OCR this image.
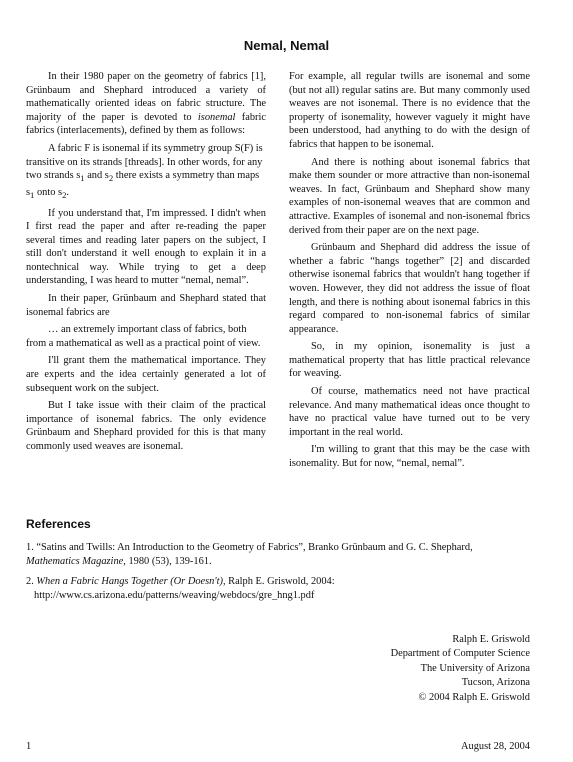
Nemal, Nemal

In their 1980 paper on the geometry of fabrics [1], Grünbaum and Shephard introduced a variety of mathematically oriented ideas on fabric structure. The majority of the paper is devoted to isonemal fabric fabrics (interlacements), defined by them as follows:

A fabric F is isonemal if its symmetry group S(F) is transitive on its strands [threads]. In other words, for any two strands $s_1$ and $s_2$ there exists a symmetry than maps $s_1$ onto $s_2$.

If you understand that, I'm impressed. I didn't when I first read the paper and after re-reading the paper several times and reading later papers on the subject, I still don't understand it well enough to explain it in a nontechnical way. While trying to get a deep understanding, I was heard to mutter “nemal, nemal”.

In their paper, Grünbaum and Shephard stated that isonemal fabrics are

… an extremely important class of fabrics, both from a mathematical as well as a practical point of view.

I'll grant them the mathematical importance. They are experts and the idea certainly generated a lot of subsequent work on the subject.

But I take issue with their claim of the practical importance of isonemal fabrics. The only evidence Grünbaum and Shephard provided for this is that many commonly used weaves are isonemal.

For example, all regular twills are isonemal and some (but not all) regular satins are. But many commonly used weaves are not isonemal. There is no evidence that the property of isonemality, however vaguely it might have been understood, had anything to do with the design of fabrics that happen to be isonemal.

And there is nothing about isonemal fabrics that make them sounder or more attractive than non-isonemal weaves. In fact, Grünbaum and Shephard show many examples of non-isonemal weaves that are common and attractive. Examples of isonemal and non-isonemal fbrics derived from their paper are on the next page.

Grünbaum and Shephard did address the issue of whether a fabric “hangs together” [2] and discarded otherwise isonemal fabrics that wouldn't hang together if woven. However, they did not address the issue of float length, and there is nothing about isonemal fabrics in this regard compared to non-isonemal fabrics of similar appearance.

So, in my opinion, isonemality is just a mathematical property that has little practical relevance for weaving.

Of course, mathematics need not have practical relevance. And many mathematical ideas once thought to have no practical value have turned out to be very important in the real world.

I'm willing to grant that this may be the case with isonemality. But for now, “nemal, nemal”.

References
1. “Satins and Twills: An Introduction to the Geometry of Fabrics”, Branko Grünbaum and G. C. Shephard,
Mathematics Magazine, 1980 (53), 139-161.
2. When a Fabric Hangs Together (Or Doesn't), Ralph E. Griswold, 2004:
http://www.cs.arizona.edu/patterns/weaving/webdocs/gre_hng1.pdf
Ralph E. Griswold
Department of Computer Science
The University of Arizona
Tucson, Arizona
© 2004 Ralph E. Griswold
1	August 28, 2004
